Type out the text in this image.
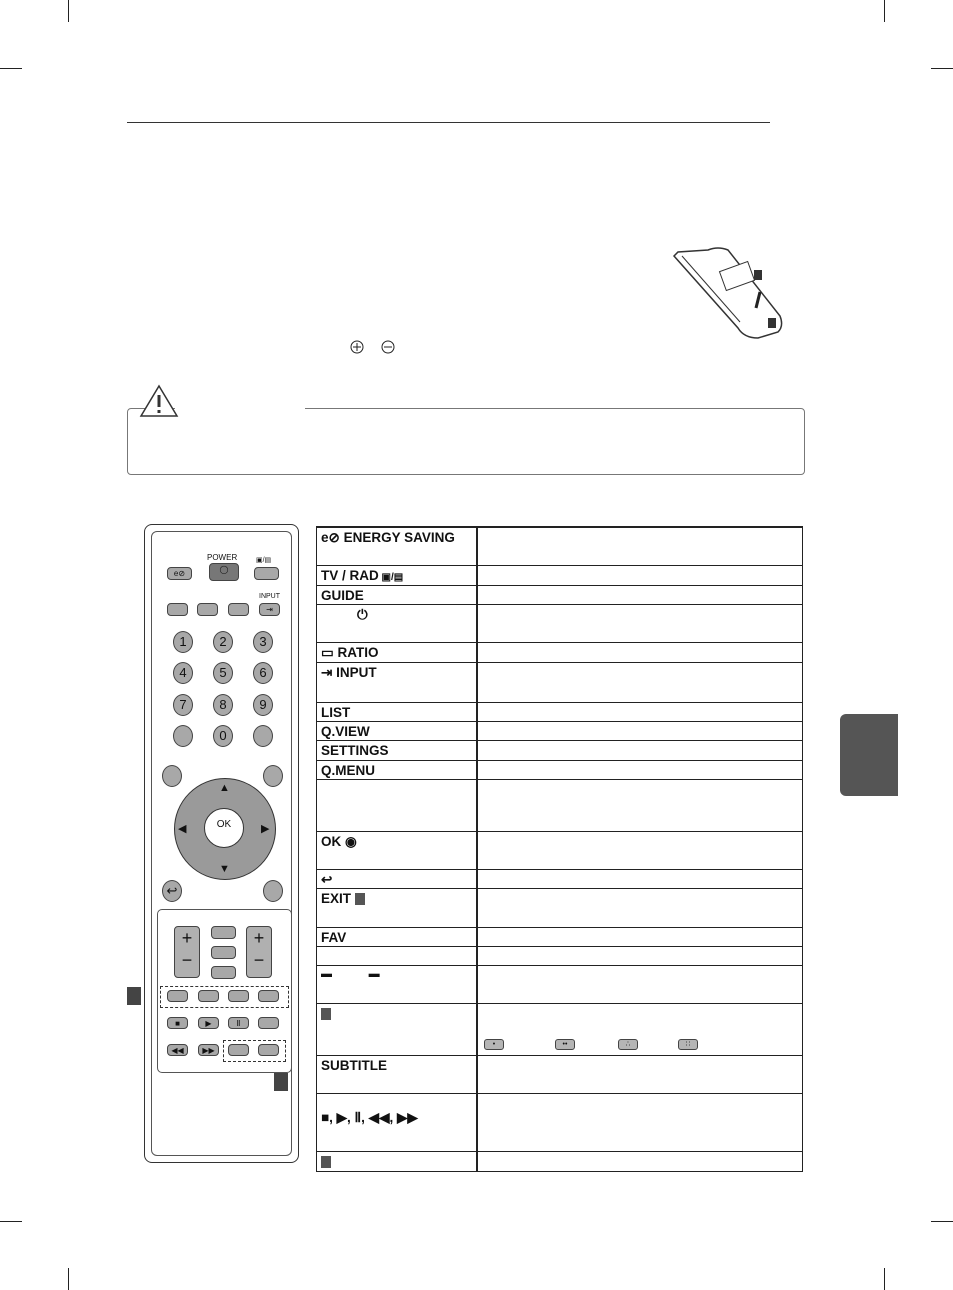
POWER
e⊘	◯
▣/▤
INPUT
⇥
1	2	3
4	5	6
7	8	9
0
▲
▼
◀	▶
OK
↩
+
−
+
−
■	▶	Ⅱ
◀◀	▶▶
e⊘ ENERGY SAVING
TV / RAD ▣/▤
GUIDE
⏻
▭ RATIO
⇥ INPUT
LIST
Q.VIEW
SETTINGS
Q.MENU
OK ◉
↩
EXIT
FAV
▬            ▬
•	••	∴	∷
SUBTITLE
■, ▶, Ⅱ, ◀◀, ▶▶
